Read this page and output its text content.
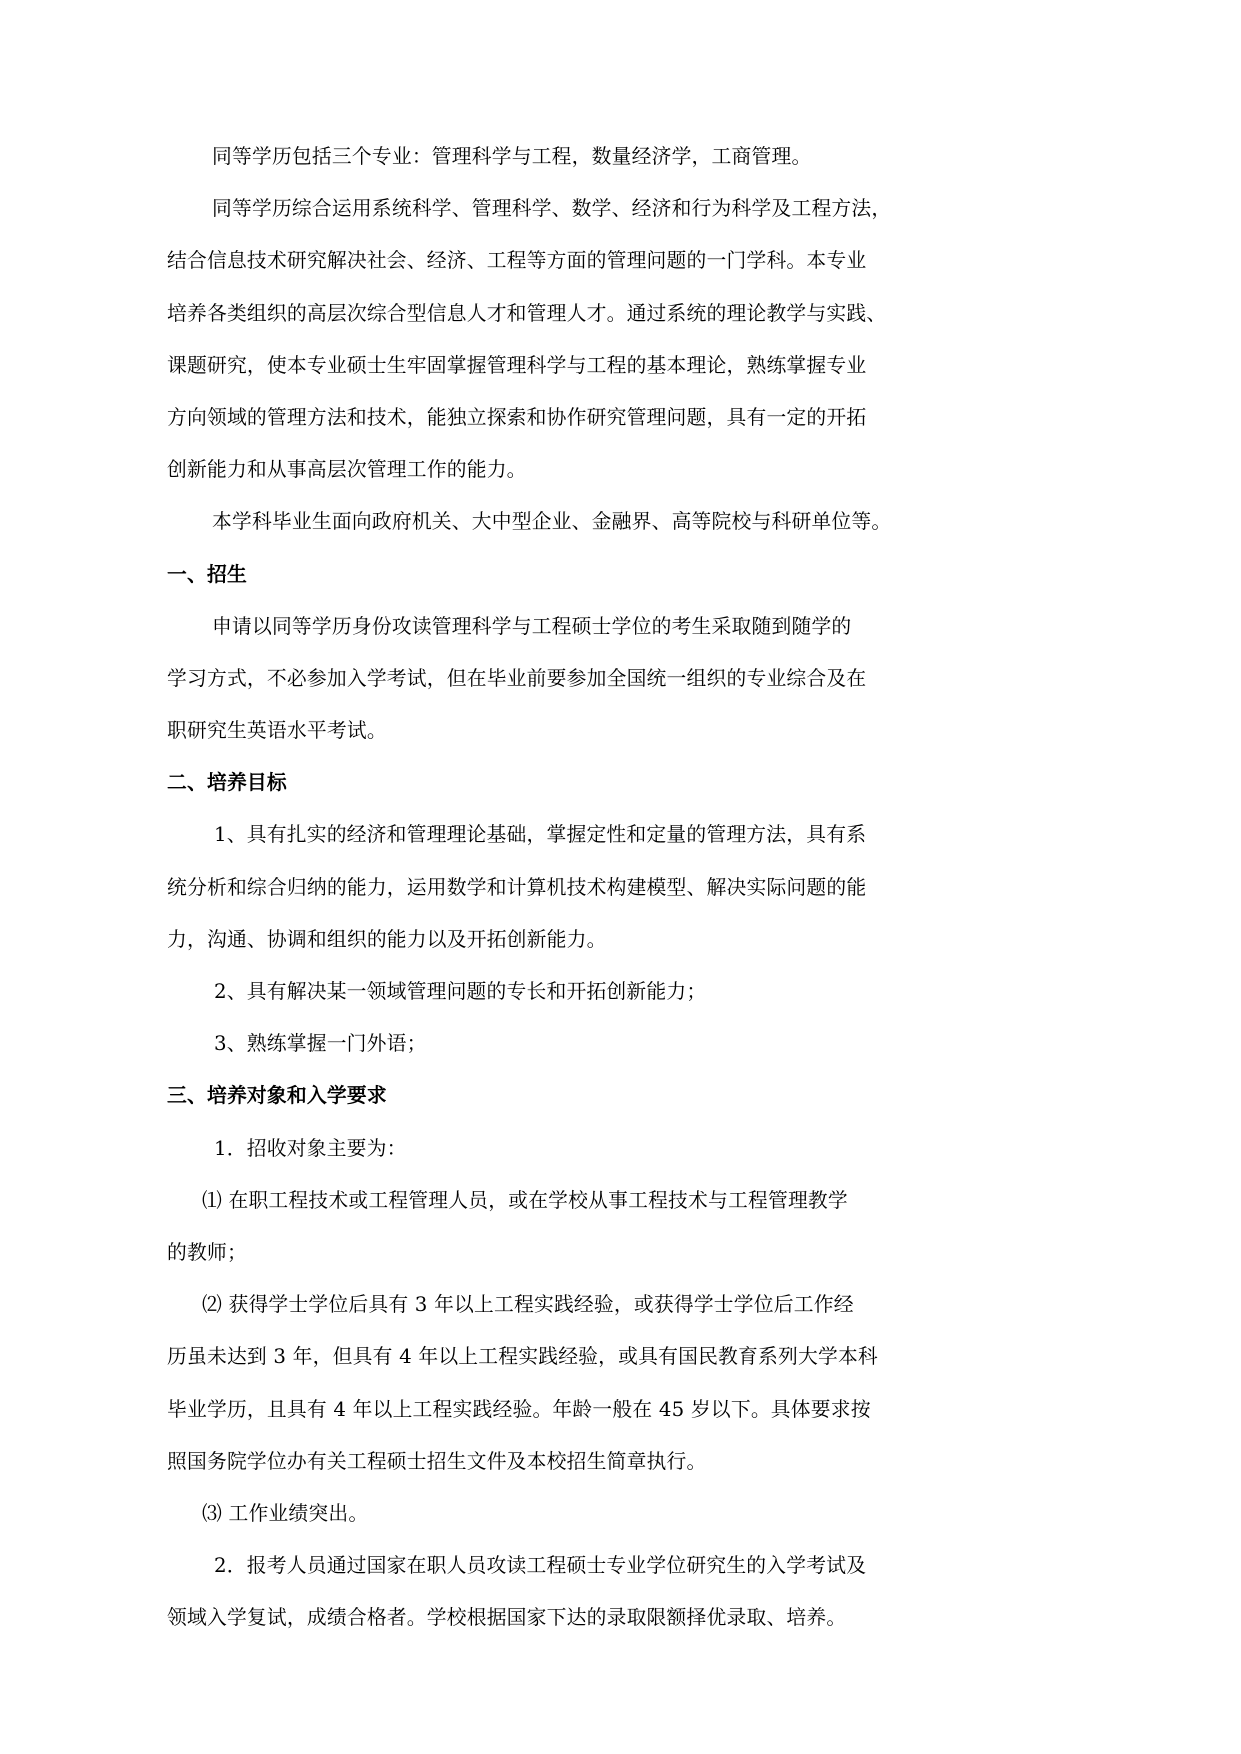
同等学历包括三个专业：管理科学与工程，数量经济学，工商管理。

同等学历综合运用系统科学、管理科学、数学、经济和行为科学及工程方法，

结合信息技术研究解决社会、经济、工程等方面的管理问题的一门学科。本专业

培养各类组织的高层次综合型信息人才和管理人才。通过系统的理论教学与实践、

课题研究，使本专业硕士生牢固掌握管理科学与工程的基本理论，熟练掌握专业

方向领域的管理方法和技术，能独立探索和协作研究管理问题，具有一定的开拓

创新能力和从事高层次管理工作的能力。

本学科毕业生面向政府机关、大中型企业、金融界、高等院校与科研单位等。

一、招生

申请以同等学历身份攻读管理科学与工程硕士学位的考生采取随到随学的

学习方式，不必参加入学考试，但在毕业前要参加全国统一组织的专业综合及在

职研究生英语水平考试。

二、培养目标

1、具有扎实的经济和管理理论基础，掌握定性和定量的管理方法，具有系

统分析和综合归纳的能力，运用数学和计算机技术构建模型、解决实际问题的能

力，沟通、协调和组织的能力以及开拓创新能力。

2、具有解决某一领域管理问题的专长和开拓创新能力；

3、熟练掌握一门外语；

三、培养对象和入学要求

1．招收对象主要为：

⑴ 在职工程技术或工程管理人员，或在学校从事工程技术与工程管理教学

的教师；

⑵ 获得学士学位后具有 3 年以上工程实践经验，或获得学士学位后工作经

历虽未达到 3 年，但具有 4 年以上工程实践经验，或具有国民教育系列大学本科

毕业学历，且具有 4 年以上工程实践经验。年龄一般在 45 岁以下。具体要求按

照国务院学位办有关工程硕士招生文件及本校招生简章执行。

⑶ 工作业绩突出。

2．报考人员通过国家在职人员攻读工程硕士专业学位研究生的入学考试及

领域入学复试，成绩合格者。学校根据国家下达的录取限额择优录取、培养。
